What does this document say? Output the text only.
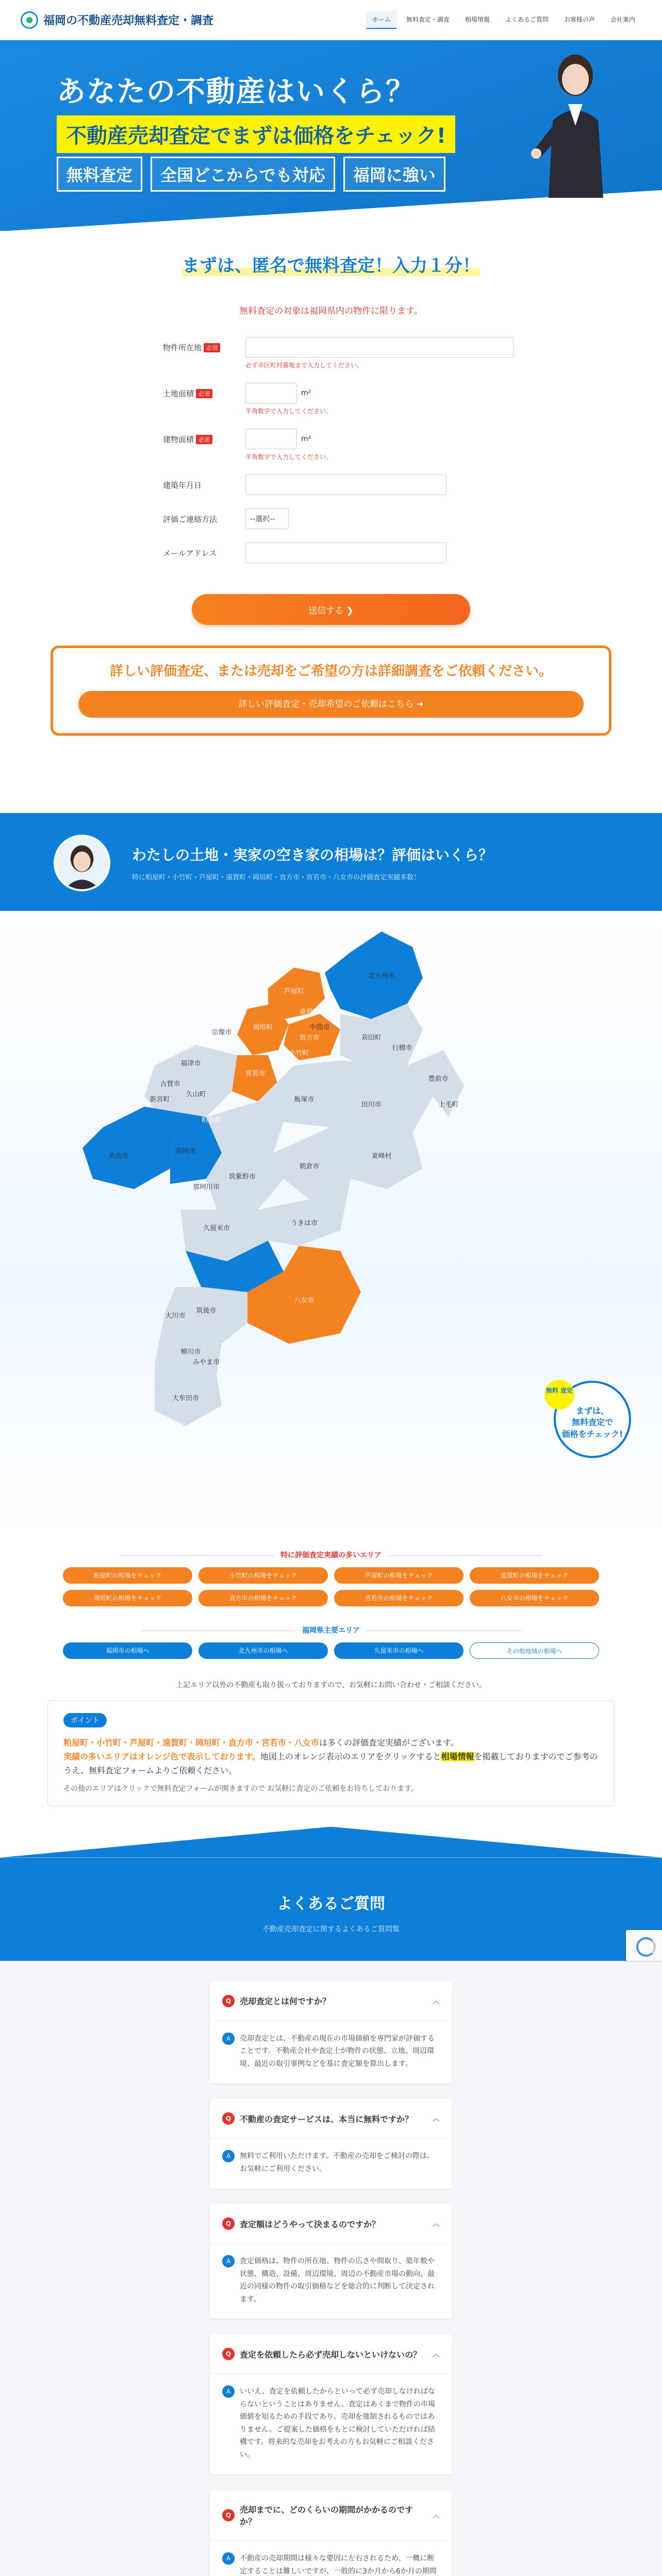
福岡の不動産売却無料査定・調査	ホーム	無料査定・調査	相場情報	よくあるご質問	お客様の声	会社案内
あなたの不動産はいくら？
不動産売却査定でまずは価格をチェック!
無料査定	全国どこからでも対応	福岡に強い
まずは、匿名で無料査定！入力１分！
無料査定の対象は福岡県内の物件に限ります。
物件所在地 必須
必ず市区町村番地まで入力してください。
土地面積 必須	m²
半角数字で入力してください。
建物面積 必須	m²
半角数字で入力してください。
建築年月日
評価ご連絡方法	--選択--
メールアドレス
送信する ❯
詳しい評価査定、または売却をご希望の方は詳細調査をご依頼ください。
詳しい評価査定・売却希望のご依頼はこちら ➜
わたしの土地・実家の空き家の相場は？評価はいくら？
特に粕屋町・小竹町・芦屋町・遠賀町・岡垣町・直方市・宮若市・八女市の評価査定実績多数！
北九州市
芦屋町
岡垣町
遠賀町
中間市
宗像市
福津市
宮若市
直方市
小竹町
苅田町
行橋市
古賀市
新宮町
久山町
粕屋町
福岡市
糸島市
飯塚市
田川市
豊前市
上毛町
那珂川市
筑紫野市
朝倉市
東峰村
久留米市
うきは市
八女市
筑後市
大川市
柳川市
みやま市
大牟田市
無料 査定
まずは、
無料査定で
価格をチェック!
特に評価査定実績の多いエリア
粕屋町の相場をチェック	小竹町の相場をチェック	芦屋町の相場をチェック	遠賀町の相場をチェック
岡垣町の相場をチェック	直方市の相場をチェック	宮若市の相場をチェック	八女市の相場をチェック
福岡県主要エリア
福岡市の相場へ	北九州市の相場へ	久留米市の相場へ	その他地域の相場へ
上記エリア以外の不動産も取り扱っておりますので、お気軽にお問い合わせ・ご相談ください。
ポイント
粕屋町・小竹町・芦屋町・遠賀町・岡垣町・直方市・宮若市・八女市は多くの評価査定実績がございます。
実績の多いエリアはオレンジ色で表示しております。地図上のオレンジ表示のエリアをクリックすると相場情報を掲載しておりますのでご参考のうえ、無料査定フォームよりご依頼ください。
その他のエリアはクリックで無料査定フォームが開きますので お気軽に査定のご依頼をお待ちしております。
よくあるご質問
不動産売却査定に関するよくあるご質問集
Q	売却査定とは何ですか？	︿
A	売却査定とは、不動産の現在の市場価値を専門家が評価することです。不動産会社や査定士が物件の状態、立地、周辺環境、最近の取引事例などを基に査定額を算出します。
Q	不動産の査定サービスは、本当に無料ですか？	︿
A	無料でご利用いただけます。不動産の売却をご検討の際は、お気軽にご利用ください。
Q	査定額はどうやって決まるのですか？	︿
A	査定価格は、物件の所在地、物件の広さや間取り、築年数や状態、構造、設備、周辺環境、周辺の不動産市場の動向、最近の同様の物件の取引価格などを総合的に判断して決定されます。
Q	査定を依頼したら必ず売却しないといけないの？ ︿
A	いいえ、査定を依頼したからといって必ず売却しなければならないということはありません。査定はあくまで物件の市場価値を知るための手段であり、売却を強制されるものではありません。ご提案した価格をもとに検討していただければ結構です。将来的な売却をお考えの方もお気軽にご相談ください。
Q
売却までに、どのくらいの期間がかかるのですか？
︿
A	不動産の売却期間は様々な要因に左右されるため、一概に断定することは難しいですが、一般的に3か月から6か月の期間
